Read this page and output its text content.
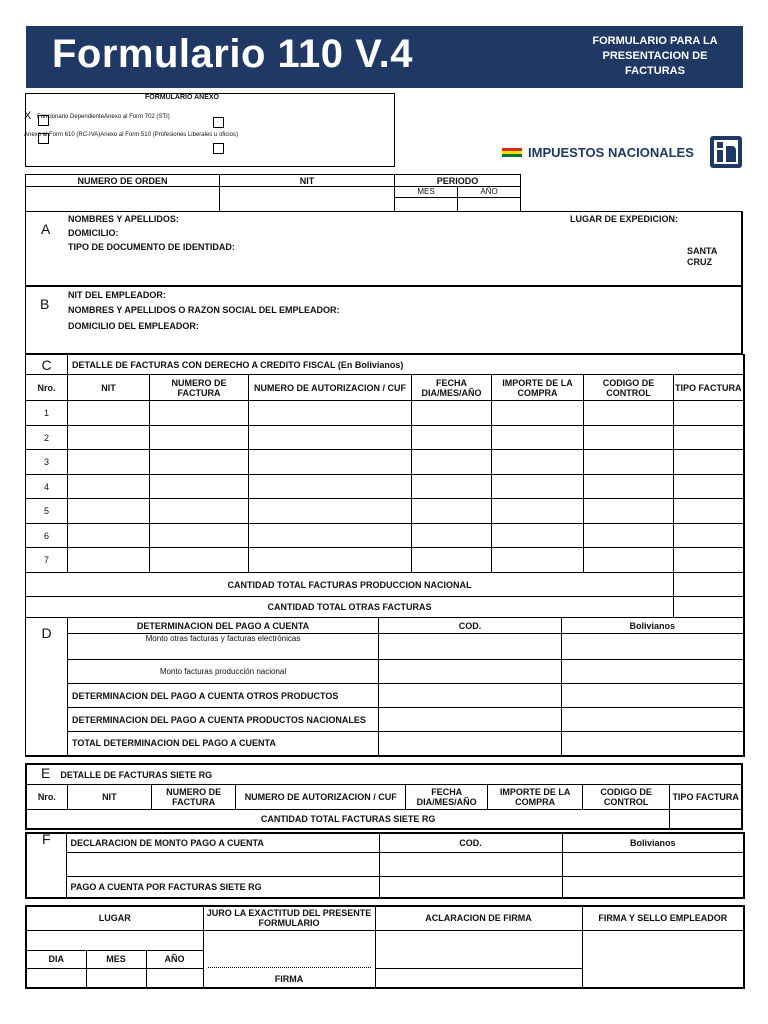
Formulario 110 V.4	FORMULARIO PARA LA PRESENTACION DE FACTURAS
FORMULARIO ANEXO
X Funcionario DependienteAnexo al Form 702 (STI)
Anexo al Form 610 (RC-IVA)Anexo al Form 510 (Profesiones Liberales u oficios)
IMPUESTOS NACIONALES
NUMERO DE ORDEN	NIT	PERIODO	
		MES	AÑO

A
NOMBRES Y APELLIDOS:
DOMICILIO:
TIPO DE DOCUMENTO DE IDENTIDAD:
LUGAR DE EXPEDICION:
SANTA CRUZ
B
NIT DEL EMPLEADOR:
NOMBRES Y APELLIDOS O RAZON SOCIAL DEL EMPLEADOR:
DOMICILIO DEL EMPLEADOR:
C	DETALLE DE FACTURAS CON DERECHO A CREDITO FISCAL (En Bolivianos)						
Nro.	NIT	NUMERO DE FACTURA	NUMERO DE AUTORIZACION / CUF	FECHA DIA/MES/AÑO	IMPORTE DE LA COMPRA	CODIGO DE CONTROL	TIPO FACTURA
1							
2							
3							
4							
5							
6							
7							
CANTIDAD TOTAL FACTURAS PRODUCCION NACIONAL							
CANTIDAD TOTAL OTRAS FACTURAS							
D	DETERMINACION DEL PAGO A CUENTA	COD.	Bolivianos
	Monto otras facturas y facturas electrónicas		
	Monto facturas producción nacional		
	DETERMINACION DEL PAGO A CUENTA OTROS PRODUCTOS		
	DETERMINACION DEL PAGO A CUENTA PRODUCTOS NACIONALES		
	TOTAL DETERMINACION DEL PAGO A CUENTA		
E DETALLE DE FACTURAS SIETE RG							
Nro.	NIT	NUMERO DE FACTURA	NUMERO DE AUTORIZACION / CUF	FECHA DIA/MES/AÑO	IMPORTE DE LA COMPRA	CODIGO DE CONTROL	TIPO FACTURA
CANTIDAD TOTAL FACTURAS SIETE RG							
F	DECLARACION DE MONTO PAGO A CUENTA	COD.	Bolivianos

	PAGO A CUENTA POR FACTURAS SIETE RG		
LUGAR			JURO LA EXACTITUD DEL PRESENTE FORMULARIO	ACLARACION DE FIRMA	FIRMA Y SELLO EMPLEADOR

FIRMA		
DIA	MES	AÑO			
